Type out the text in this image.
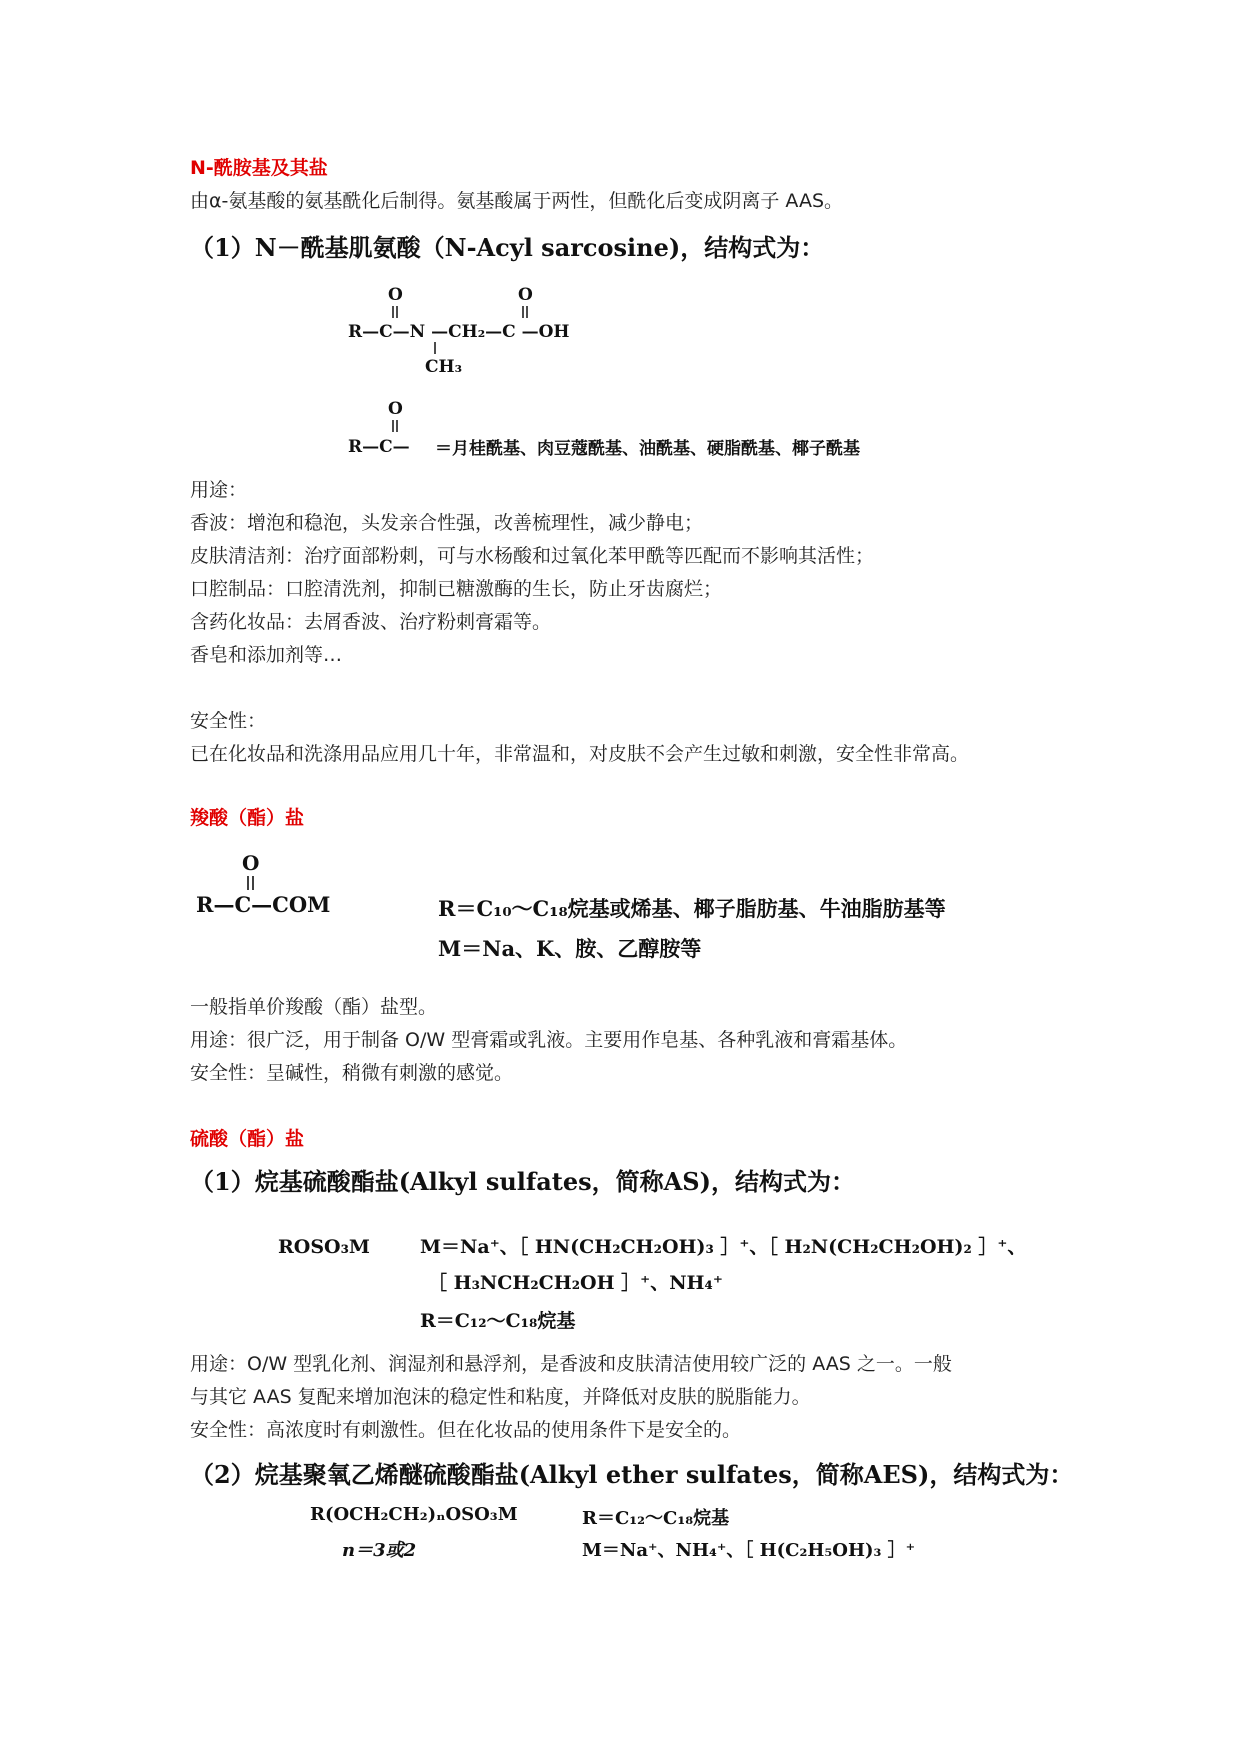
N-酰胺基及其盐
由α-氨基酸的氨基酰化后制得。氨基酸属于两性，但酰化后变成阴离子 AAS。
（1）N－酰基肌氨酸（N-Acyl sarcosine)，结构式为：
O	O
R—C—N —CH₂—C —OH
CH₃
O
R—C— ＝月桂酰基、肉豆蔻酰基、油酰基、硬脂酰基、椰子酰基
用途：
香波：增泡和稳泡，头发亲合性强，改善梳理性，减少静电；
皮肤清洁剂：治疗面部粉刺，可与水杨酸和过氧化苯甲酰等匹配而不影响其活性；
口腔制品：口腔清洗剂，抑制已糖激酶的生长，防止牙齿腐烂；
含药化妆品：去屑香波、治疗粉刺膏霜等。
香皂和添加剂等…
安全性：
已在化妆品和洗涤用品应用几十年，非常温和，对皮肤不会产生过敏和刺激，安全性非常高。
羧酸（酯）盐
O
R—C—COM	R＝C₁₀～C₁₈烷基或烯基、椰子脂肪基、牛油脂肪基等
M＝Na、K、胺、乙醇胺等
一般指单价羧酸（酯）盐型。
用途：很广泛，用于制备 O/W 型膏霜或乳液。主要用作皂基、各种乳液和膏霜基体。
安全性：呈碱性，稍微有刺激的感觉。
硫酸（酯）盐
（1）烷基硫酸酯盐(Alkyl sulfates，简称AS)，结构式为：
ROSO₃M	M＝Na⁺、［ HN(CH₂CH₂OH)₃ ］⁺、［ H₂N(CH₂CH₂OH)₂ ］⁺、
［ H₃NCH₂CH₂OH ］⁺、NH₄⁺
R＝C₁₂～C₁₈烷基
用途：O/W 型乳化剂、润湿剂和悬浮剂，是香波和皮肤清洁使用较广泛的 AAS 之一。一般
与其它 AAS 复配来增加泡沫的稳定性和粘度，并降低对皮肤的脱脂能力。
安全性：高浓度时有刺激性。但在化妆品的使用条件下是安全的。
（2）烷基聚氧乙烯醚硫酸酯盐(Alkyl ether sulfates，简称AES)，结构式为：
R(OCH₂CH₂)ₙOSO₃M
n＝3或2
R＝C₁₂～C₁₈烷基
M＝Na⁺、NH₄⁺、［ H(C₂H₅OH)₃ ］⁺
